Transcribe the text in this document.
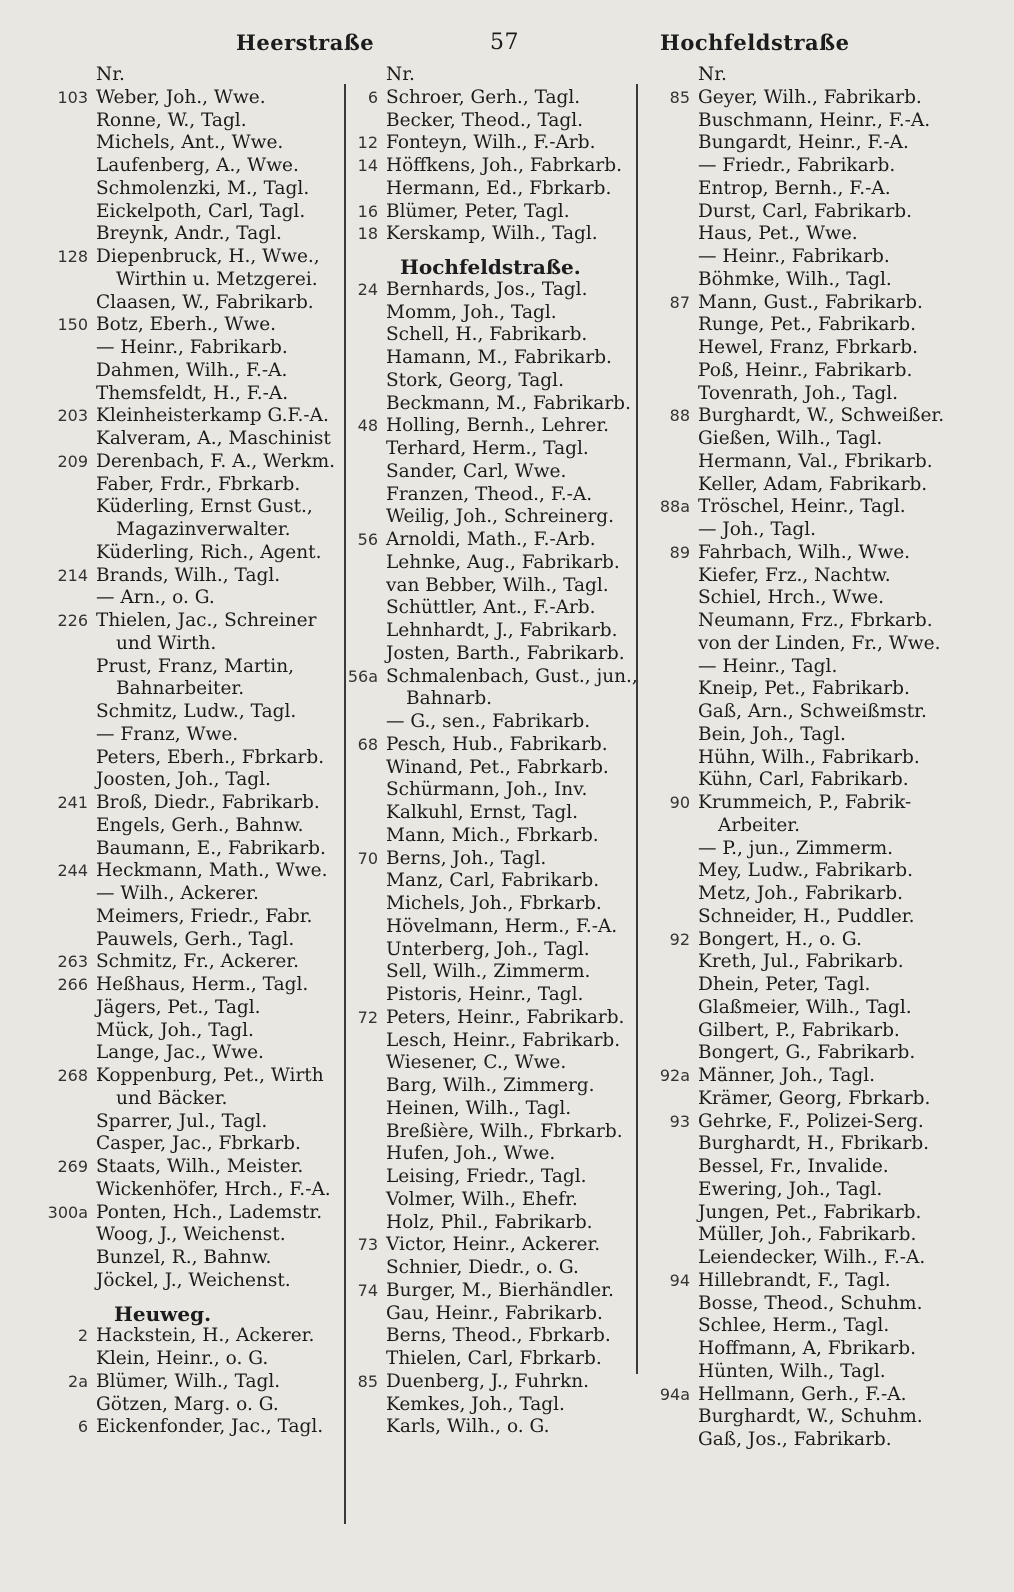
Heerstraße	57	Hochfeldstraße
Nr.
103 Weber, Joh., Wwe.
Ronne, W., Tagl.
Michels, Ant., Wwe.
Laufenberg, A., Wwe.
Schmolenzki, M., Tagl.
Eickelpoth, Carl, Tagl.
Breynk, Andr., Tagl.
128 Diepenbruck, H., Wwe.,
Wirthin u. Metzgerei.
Claasen, W., Fabrikarb.
150 Botz, Eberh., Wwe.
— Heinr., Fabrikarb.
Dahmen, Wilh., F.-A.
Themsfeldt, H., F.-A.
203 Kleinheisterkamp G.F.-A.
Kalveram, A., Maschinist
209 Derenbach, F. A., Werkm.
Faber, Frdr., Fbrkarb.
Küderling, Ernst Gust.,
Magazinverwalter.
Küderling, Rich., Agent.
214 Brands, Wilh., Tagl.
— Arn., o. G.
226 Thielen, Jac., Schreiner
und Wirth.
Prust, Franz, Martin,
Bahnarbeiter.
Schmitz, Ludw., Tagl.
— Franz, Wwe.
Peters, Eberh., Fbrkarb.
Joosten, Joh., Tagl.
241 Broß, Diedr., Fabrikarb.
Engels, Gerh., Bahnw.
Baumann, E., Fabrikarb.
244 Heckmann, Math., Wwe.
— Wilh., Ackerer.
Meimers, Friedr., Fabr.
Pauwels, Gerh., Tagl.
263 Schmitz, Fr., Ackerer.
266 Heßhaus, Herm., Tagl.
Jägers, Pet., Tagl.
Mück, Joh., Tagl.
Lange, Jac., Wwe.
268 Koppenburg, Pet., Wirth
und Bäcker.
Sparrer, Jul., Tagl.
Casper, Jac., Fbrkarb.
269 Staats, Wilh., Meister.
Wickenhöfer, Hrch., F.-A.
300a Ponten, Hch., Lademstr.
Woog, J., Weichenst.
Bunzel, R., Bahnw.
Jöckel, J., Weichenst.
Heuweg.
2 Hackstein, H., Ackerer.
Klein, Heinr., o. G.
2a Blümer, Wilh., Tagl.
Götzen, Marg. o. G.
6 Eickenfonder, Jac., Tagl.
Nr.
6 Schroer, Gerh., Tagl.
Becker, Theod., Tagl.
12 Fonteyn, Wilh., F.-Arb.
14 Höffkens, Joh., Fabrkarb.
Hermann, Ed., Fbrkarb.
16 Blümer, Peter, Tagl.
18 Kerskamp, Wilh., Tagl.
Hochfeldstraße.
24 Bernhards, Jos., Tagl.
Momm, Joh., Tagl.
Schell, H., Fabrikarb.
Hamann, M., Fabrikarb.
Stork, Georg, Tagl.
Beckmann, M., Fabrikarb.
48 Holling, Bernh., Lehrer.
Terhard, Herm., Tagl.
Sander, Carl, Wwe.
Franzen, Theod., F.-A.
Weilig, Joh., Schreinerg.
56 Arnoldi, Math., F.-Arb.
Lehnke, Aug., Fabrikarb.
van Bebber, Wilh., Tagl.
Schüttler, Ant., F.-Arb.
Lehnhardt, J., Fabrikarb.
Josten, Barth., Fabrikarb.
56a Schmalenbach, Gust., jun.,
Bahnarb.
— G., sen., Fabrikarb.
68 Pesch, Hub., Fabrikarb.
Winand, Pet., Fabrkarb.
Schürmann, Joh., Inv.
Kalkuhl, Ernst, Tagl.
Mann, Mich., Fbrkarb.
70 Berns, Joh., Tagl.
Manz, Carl, Fabrikarb.
Michels, Joh., Fbrkarb.
Hövelmann, Herm., F.-A.
Unterberg, Joh., Tagl.
Sell, Wilh., Zimmerm.
Pistoris, Heinr., Tagl.
72 Peters, Heinr., Fabrikarb.
Lesch, Heinr., Fabrikarb.
Wiesener, C., Wwe.
Barg, Wilh., Zimmerg.
Heinen, Wilh., Tagl.
Breßière, Wilh., Fbrkarb.
Hufen, Joh., Wwe.
Leising, Friedr., Tagl.
Volmer, Wilh., Ehefr.
Holz, Phil., Fabrikarb.
73 Victor, Heinr., Ackerer.
Schnier, Diedr., o. G.
74 Burger, M., Bierhändler.
Gau, Heinr., Fabrikarb.
Berns, Theod., Fbrkarb.
Thielen, Carl, Fbrkarb.
85 Duenberg, J., Fuhrkn.
Kemkes, Joh., Tagl.
Karls, Wilh., o. G.
Nr.
85 Geyer, Wilh., Fabrikarb.
Buschmann, Heinr., F.-A.
Bungardt, Heinr., F.-A.
— Friedr., Fabrikarb.
Entrop, Bernh., F.-A.
Durst, Carl, Fabrikarb.
Haus, Pet., Wwe.
— Heinr., Fabrikarb.
Böhmke, Wilh., Tagl.
87 Mann, Gust., Fabrikarb.
Runge, Pet., Fabrikarb.
Hewel, Franz, Fbrkarb.
Poß, Heinr., Fabrikarb.
Tovenrath, Joh., Tagl.
88 Burghardt, W., Schweißer.
Gießen, Wilh., Tagl.
Hermann, Val., Fbrikarb.
Keller, Adam, Fabrikarb.
88a Tröschel, Heinr., Tagl.
— Joh., Tagl.
89 Fahrbach, Wilh., Wwe.
Kiefer, Frz., Nachtw.
Schiel, Hrch., Wwe.
Neumann, Frz., Fbrkarb.
von der Linden, Fr., Wwe.
— Heinr., Tagl.
Kneip, Pet., Fabrikarb.
Gaß, Arn., Schweißmstr.
Bein, Joh., Tagl.
Hühn, Wilh., Fabrikarb.
Kühn, Carl, Fabrikarb.
90 Krummeich, P., Fabrik-
Arbeiter.
— P., jun., Zimmerm.
Mey, Ludw., Fabrikarb.
Metz, Joh., Fabrikarb.
Schneider, H., Puddler.
92 Bongert, H., o. G.
Kreth, Jul., Fabrikarb.
Dhein, Peter, Tagl.
Glaßmeier, Wilh., Tagl.
Gilbert, P., Fabrikarb.
Bongert, G., Fabrikarb.
92a Männer, Joh., Tagl.
Krämer, Georg, Fbrkarb.
93 Gehrke, F., Polizei-Serg.
Burghardt, H., Fbrikarb.
Bessel, Fr., Invalide.
Ewering, Joh., Tagl.
Jungen, Pet., Fabrikarb.
Müller, Joh., Fabrikarb.
Leiendecker, Wilh., F.-A.
94 Hillebrandt, F., Tagl.
Bosse, Theod., Schuhm.
Schlee, Herm., Tagl.
Hoffmann, A, Fbrikarb.
Hünten, Wilh., Tagl.
94a Hellmann, Gerh., F.-A.
Burghardt, W., Schuhm.
Gaß, Jos., Fabrikarb.
